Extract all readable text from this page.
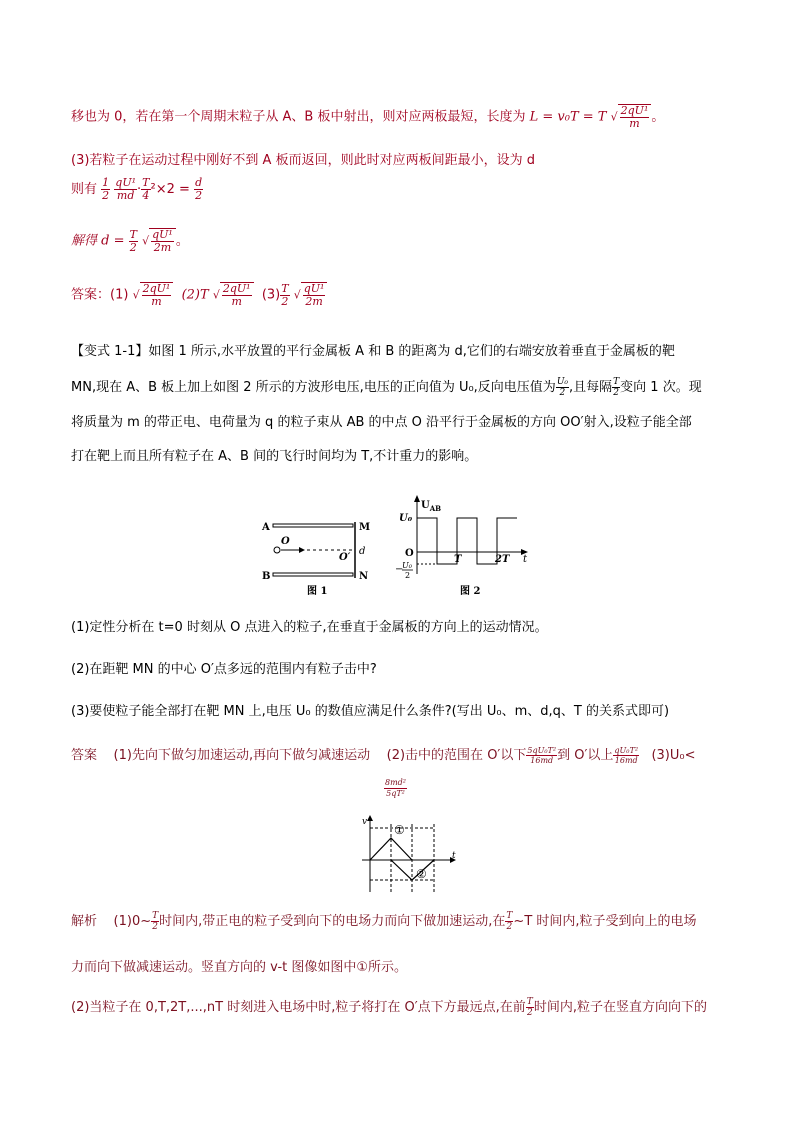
移也为 0，若在第一个周期末粒子从 A、B 板中射出，则对应两板最短，长度为 L = v₀T = T √ $\frac{\text{2qU¹}}{m}$ 。
(3)若粒子在运动过程中刚好不到 A 板而返回，则此时对应两板间距最小，设为 d
则有 $\frac{1}{2}$
$\frac{\text{qU¹}}{md} \cdot \frac{T}{4} ^2\times 2 = \frac{d}{2}$
解得 $d = \frac{T}{2}$ √ $\frac{\text{qU¹}}{2m}$ 。
答案：(1) √ $\frac{\text{2qU¹}}{m} (2)T$ √ $\frac{\text{2qU¹}}{m} (3) \frac{T}{2}$ √ $\frac{\text{qU¹}}{2m}$
【变式 1-1】如图 1 所示,水平放置的平行金属板 A 和 B 的距离为 d,它们的右端安放着垂直于金属板的靶
MN,现在 A、B 板上加上如图 2 所示的方波形电压,电压的正向值为 U₀,反向电压值为 $\frac{\text{U₀}}{2}$ ,且每隔 $\frac{T}{2}$ 变向 1 次。现
将质量为 m 的带正电、电荷量为 q 的粒子束从 AB 的中点 O 沿平行于金属板的方向 OO′射入,设粒子能全部
打在靶上而且所有粒子在 A、B 间的飞行时间均为 T,不计重力的影响。
A
B
O
O′
M
d
N
图 1
$U_{AB}$
U₀
O
−
U₀
2
T	2T t
图 2
(1)定性分析在 t=0 时刻从 O 点进入的粒子,在垂直于金属板的方向上的运动情况。
(2)在距靶 MN 的中心 O′点多远的范围内有粒子击中?
(3)要使粒子能全部打在靶 MN 上,电压 U₀ 的数值应满足什么条件?(写出 U₀、m、d,q、T 的关系式即可)
答案 (1)先向下做匀加速运动,再向下做匀减速运动 (2)击中的范围在 O′以下 $\frac{\text{5qU₀T²}}{16md}$ 到 O′以上 $\frac{\text{qU₀T²}}{16md} (3)U_0<$
$\frac{\text{8md²}}{\text{5qT²}}$
v
t
①
②
解析 (1)0~ $\frac{T}{2}$ 时间内,带正电的粒子受到向下的电场力而向下做加速运动,在 $\frac{T}{2}$ ~T 时间内,粒子受到向上的电场
力而向下做减速运动。竖直方向的 v-t 图像如图中①所示。
(2)当粒子在 0,T,2T,...,nT 时刻进入电场中时,粒子将打在 O′点下方最远点,在前 $\frac{T}{2}$ 时间内,粒子在竖直方向向下的
